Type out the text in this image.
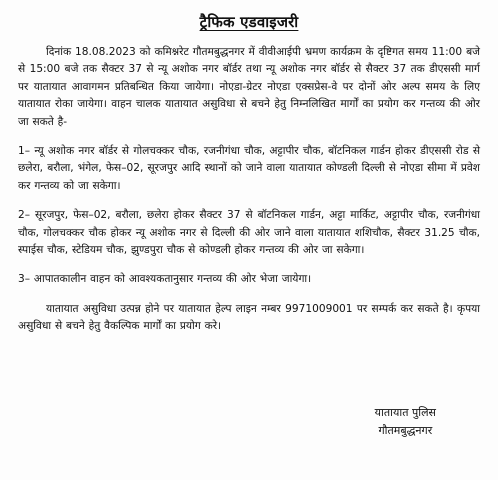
ट्रैफिक एडवाइजरी

दिनांक 18.08.2023 को कमिश्नरेट गौतमबुद्धनगर में वीवीआईपी भ्रमण कार्यक्रम के दृष्टिगत समय 11:00 बजे से 15:00 बजे तक सैक्टर 37 से न्यू अशोक नगर बॉर्डर तथा न्यू अशोक नगर बॉर्डर से सैक्टर 37 तक डीएससी मार्ग पर यातायात आवागमन प्रतिबन्धित किया जायेगा। नोएडा-ग्रेटर नोएडा एक्सप्रेस-वे पर दोनों ओर अल्प समय के लिए यातायात रोका जायेगा। वाहन चालक यातायात असुविधा से बचने हेतु निम्नलिखित मार्गों का प्रयोग कर गन्तव्य की ओर जा सकते है-

1– न्यू अशोक नगर बॉर्डर से गोलचक्कर चौक, रजनीगंधा चौक, अट्टापीर चौक, बॉटनिकल गार्डन होकर डीएससी रोड से छलेरा, बरौला, भंगेल, फेस–02, सूरजपुर आदि स्थानों को जाने वाला यातायात कोण्डली दिल्ली से नोएडा सीमा में प्रवेश कर गन्तव्य को जा सकेगा।

2– सूरजपुर, फेस–02, बरौला, छलेरा होकर सैक्टर 37 से बॉटनिकल गार्डन, अट्टा मार्किट, अट्टापीर चौक, रजनीगंधा चौक, गोलचक्कर चौक होकर न्यू अशोक नगर से दिल्ली की ओर जाने वाला यातायात शशिचौक, सैक्टर 31.25 चौक, स्पाईस चौक, स्टेडियम चौक, झुण्डपुरा चौक से कोण्डली होकर गन्तव्य की ओर जा सकेगा।

3– आपातकालीन वाहन को आवश्यकतानुसार गन्तव्य की ओर भेजा जायेगा।

यातायात असुविधा उत्पन्न होने पर यातायात हेल्प लाइन नम्बर 9971009001 पर सम्पर्क कर सकते है। कृपया असुविधा से बचने हेतु वैकल्पिक मार्गों का प्रयोग करे।

यातायात पुलिस
गौतमबुद्धनगर
